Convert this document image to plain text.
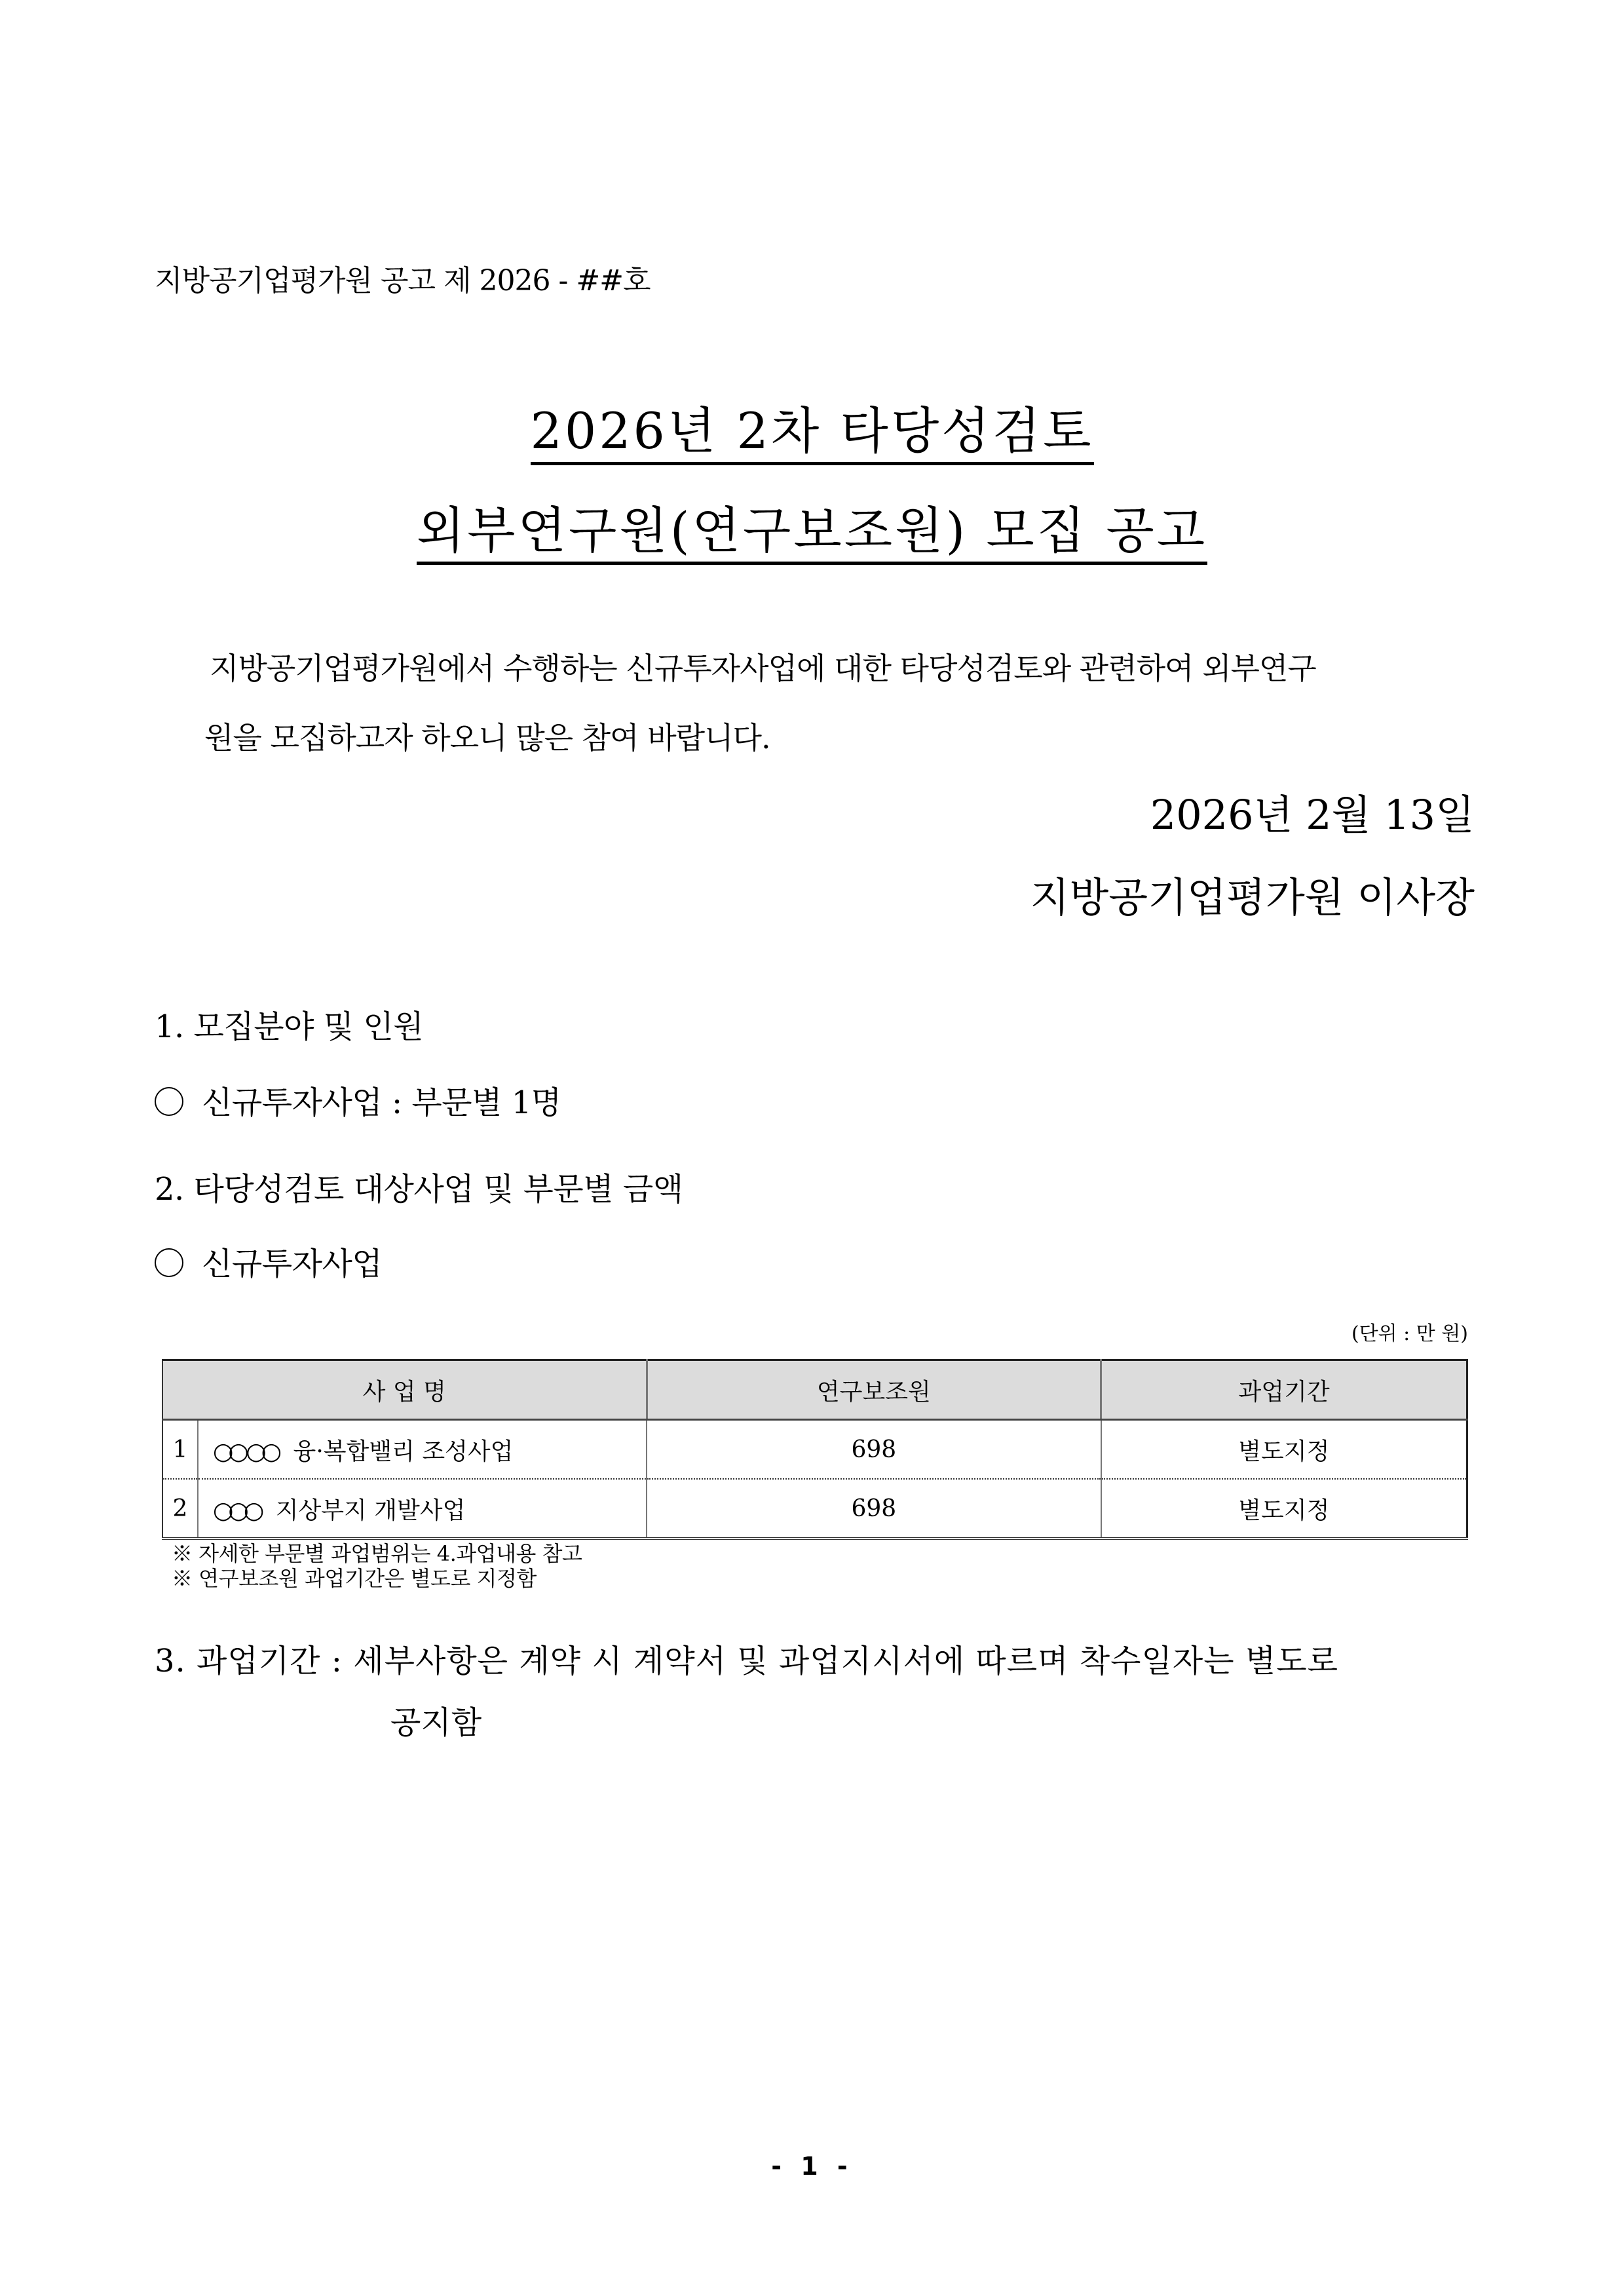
지방공기업평가원 공고 제 2026 - ##호
2026년 2차 타당성검토
외부연구원(연구보조원) 모집 공고
지방공기업평가원에서 수행하는 신규투자사업에 대한 타당성검토와 관련하여 외부연구
원을 모집하고자 하오니 많은 참여 바랍니다.
2026년 2월 13일
지방공기업평가원 이사장
1. 모집분야 및 인원
신규투자사업 : 부문별 1명
2. 타당성검토 대상사업 및 부문별 금액
신규투자사업
(단위 : 만 원)
사 업 명		연구보조원	과업기간
1	○○ ○○ 융·복합밸리 조성사업	698	별도지정
2	○○○ 지상부지 개발사업	698	별도지정
※ 자세한 부문별 과업범위는 4.과업내용 참고
※ 연구보조원 과업기간은 별도로 지정함
3. 과업기간 : 세부사항은 계약 시 계약서 및 과업지시서에 따르며 착수일자는 별도로
공지함
- 1 -
